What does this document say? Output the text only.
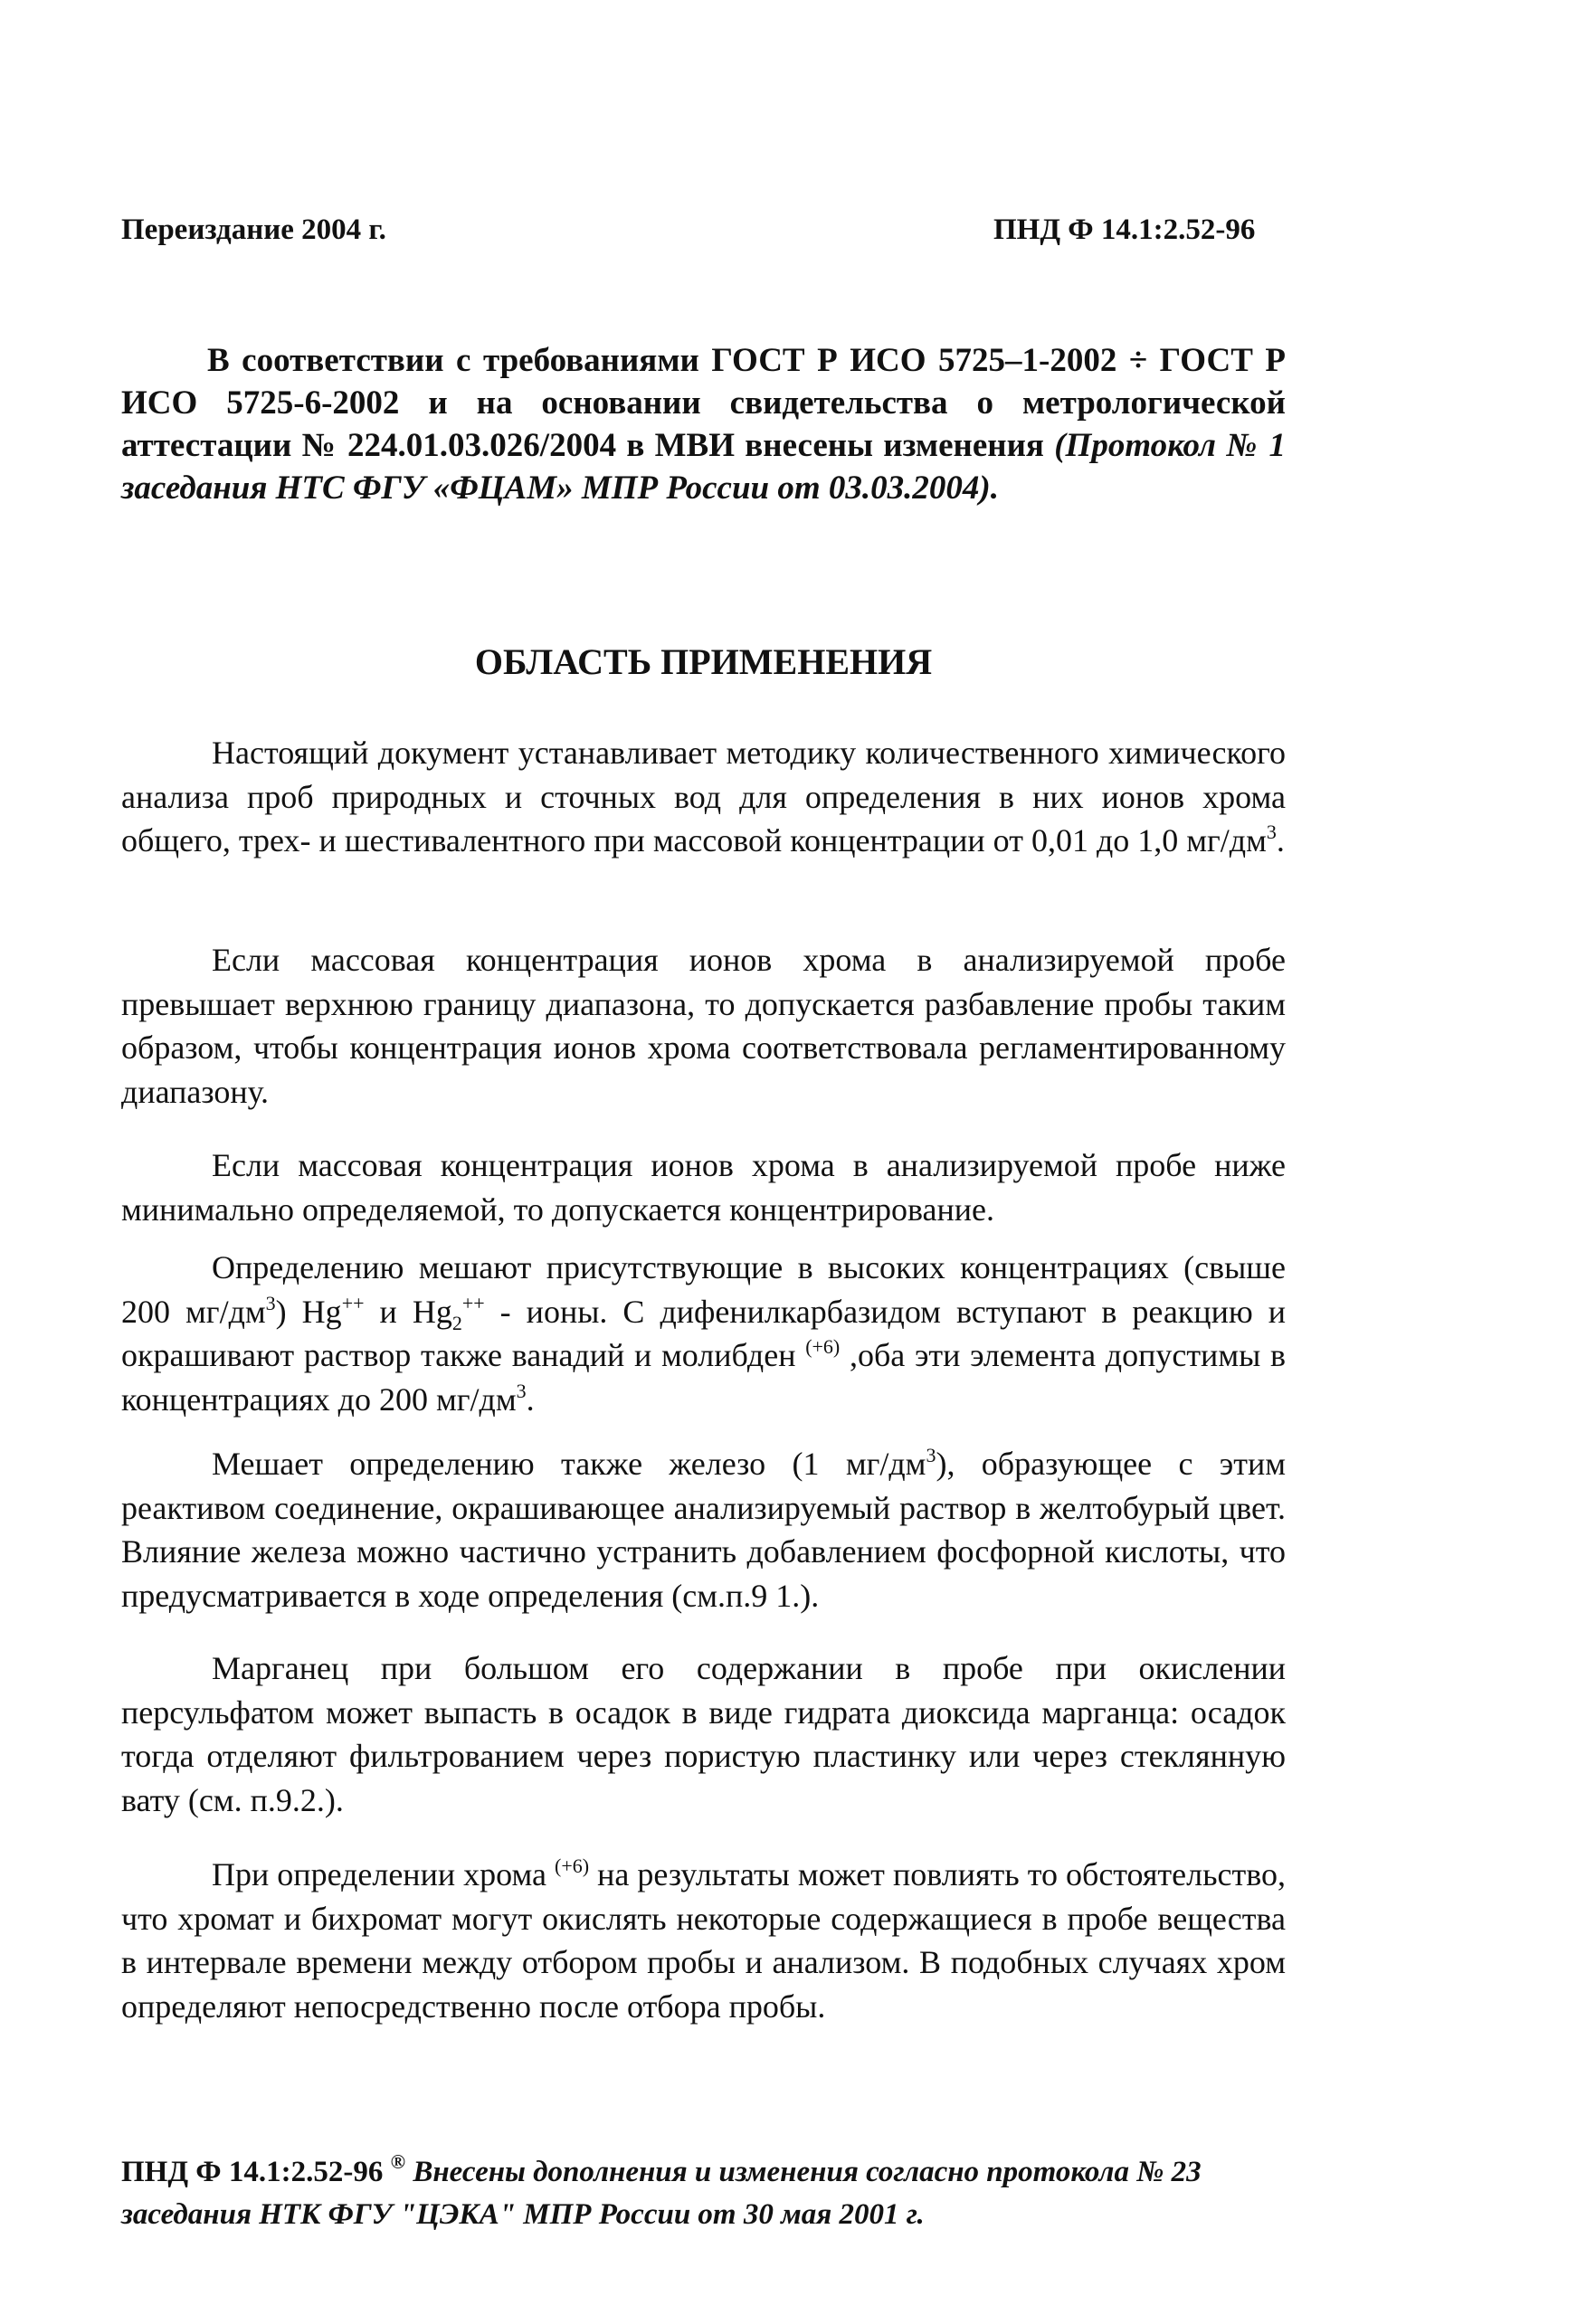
Переиздание 2004 г.	ПНД Ф 14.1:2.52-96
В соответствии с требованиями ГОСТ Р ИСО 5725–1-2002 ÷ ГОСТ Р ИСО 5725-6-2002 и на основании свидетельства о метрологической аттестации № 224.01.03.026/2004 в МВИ внесены изменения (Протокол № 1 заседания НТС ФГУ «ФЦАМ» МПР России от 03.03.2004).
ОБЛАСТЬ ПРИМЕНЕНИЯ
Настоящий документ устанавливает методику количественного химического анализа проб природных и сточных вод для определения в них ионов хрома общего, трех- и шестивалентного при массовой концентрации от 0,01 до 1,0 $мг/дм^3$.
Если массовая концентрация ионов хрома в анализируемой пробе превышает верхнюю границу диапазона, то допускается разбавление пробы таким образом, чтобы концентрация ионов хрома соответствовала регламентированному диапазону.
Если массовая концентрация ионов хрома в анализируемой пробе ниже минимально определяемой, то допускается концентрирование.
Определению мешают присутствующие в высоких концентрациях (свыше 200 $мг/дм^3$) Hg++ и $Hg_2^{++}$ - ионы. С дифенилкарбазидом вступают в реакцию и окрашивают раствор также ванадий и молибден $^{(+6)}$ ,оба эти элемента допустимы в концентрациях до 200 $мг/дм^3$.
Мешает определению также железо (1 $мг/дм^3$), образующее с этим реактивом соединение, окрашивающее анализируемый раствор в желтобурый цвет. Влияние железа можно частично устранить добавлением фосфорной кислоты, что предусматривается в ходе определения (см.п.9 1.).
Марганец при большом его содержании в пробе при окислении персульфатом может выпасть в осадок в виде гидрата диоксида марганца: осадок тогда отделяют фильтрованием через пористую пластинку или через стеклянную вату (см. п.9.2.).
При определении хрома $^{(+6)}$ на результаты может повлиять то обстоятельство, что хромат и бихромат могут окислять некоторые содержащиеся в пробе вещества в интервале времени между отбором пробы и анализом. В подобных случаях хром определяют непосредственно после отбора пробы.
ПНД Ф 14.1:2.52-96 ® Внесены дополнения и изменения согласно протокола № 23 заседания НТК ФГУ "ЦЭКА" МПР России от 30 мая 2001 г.
